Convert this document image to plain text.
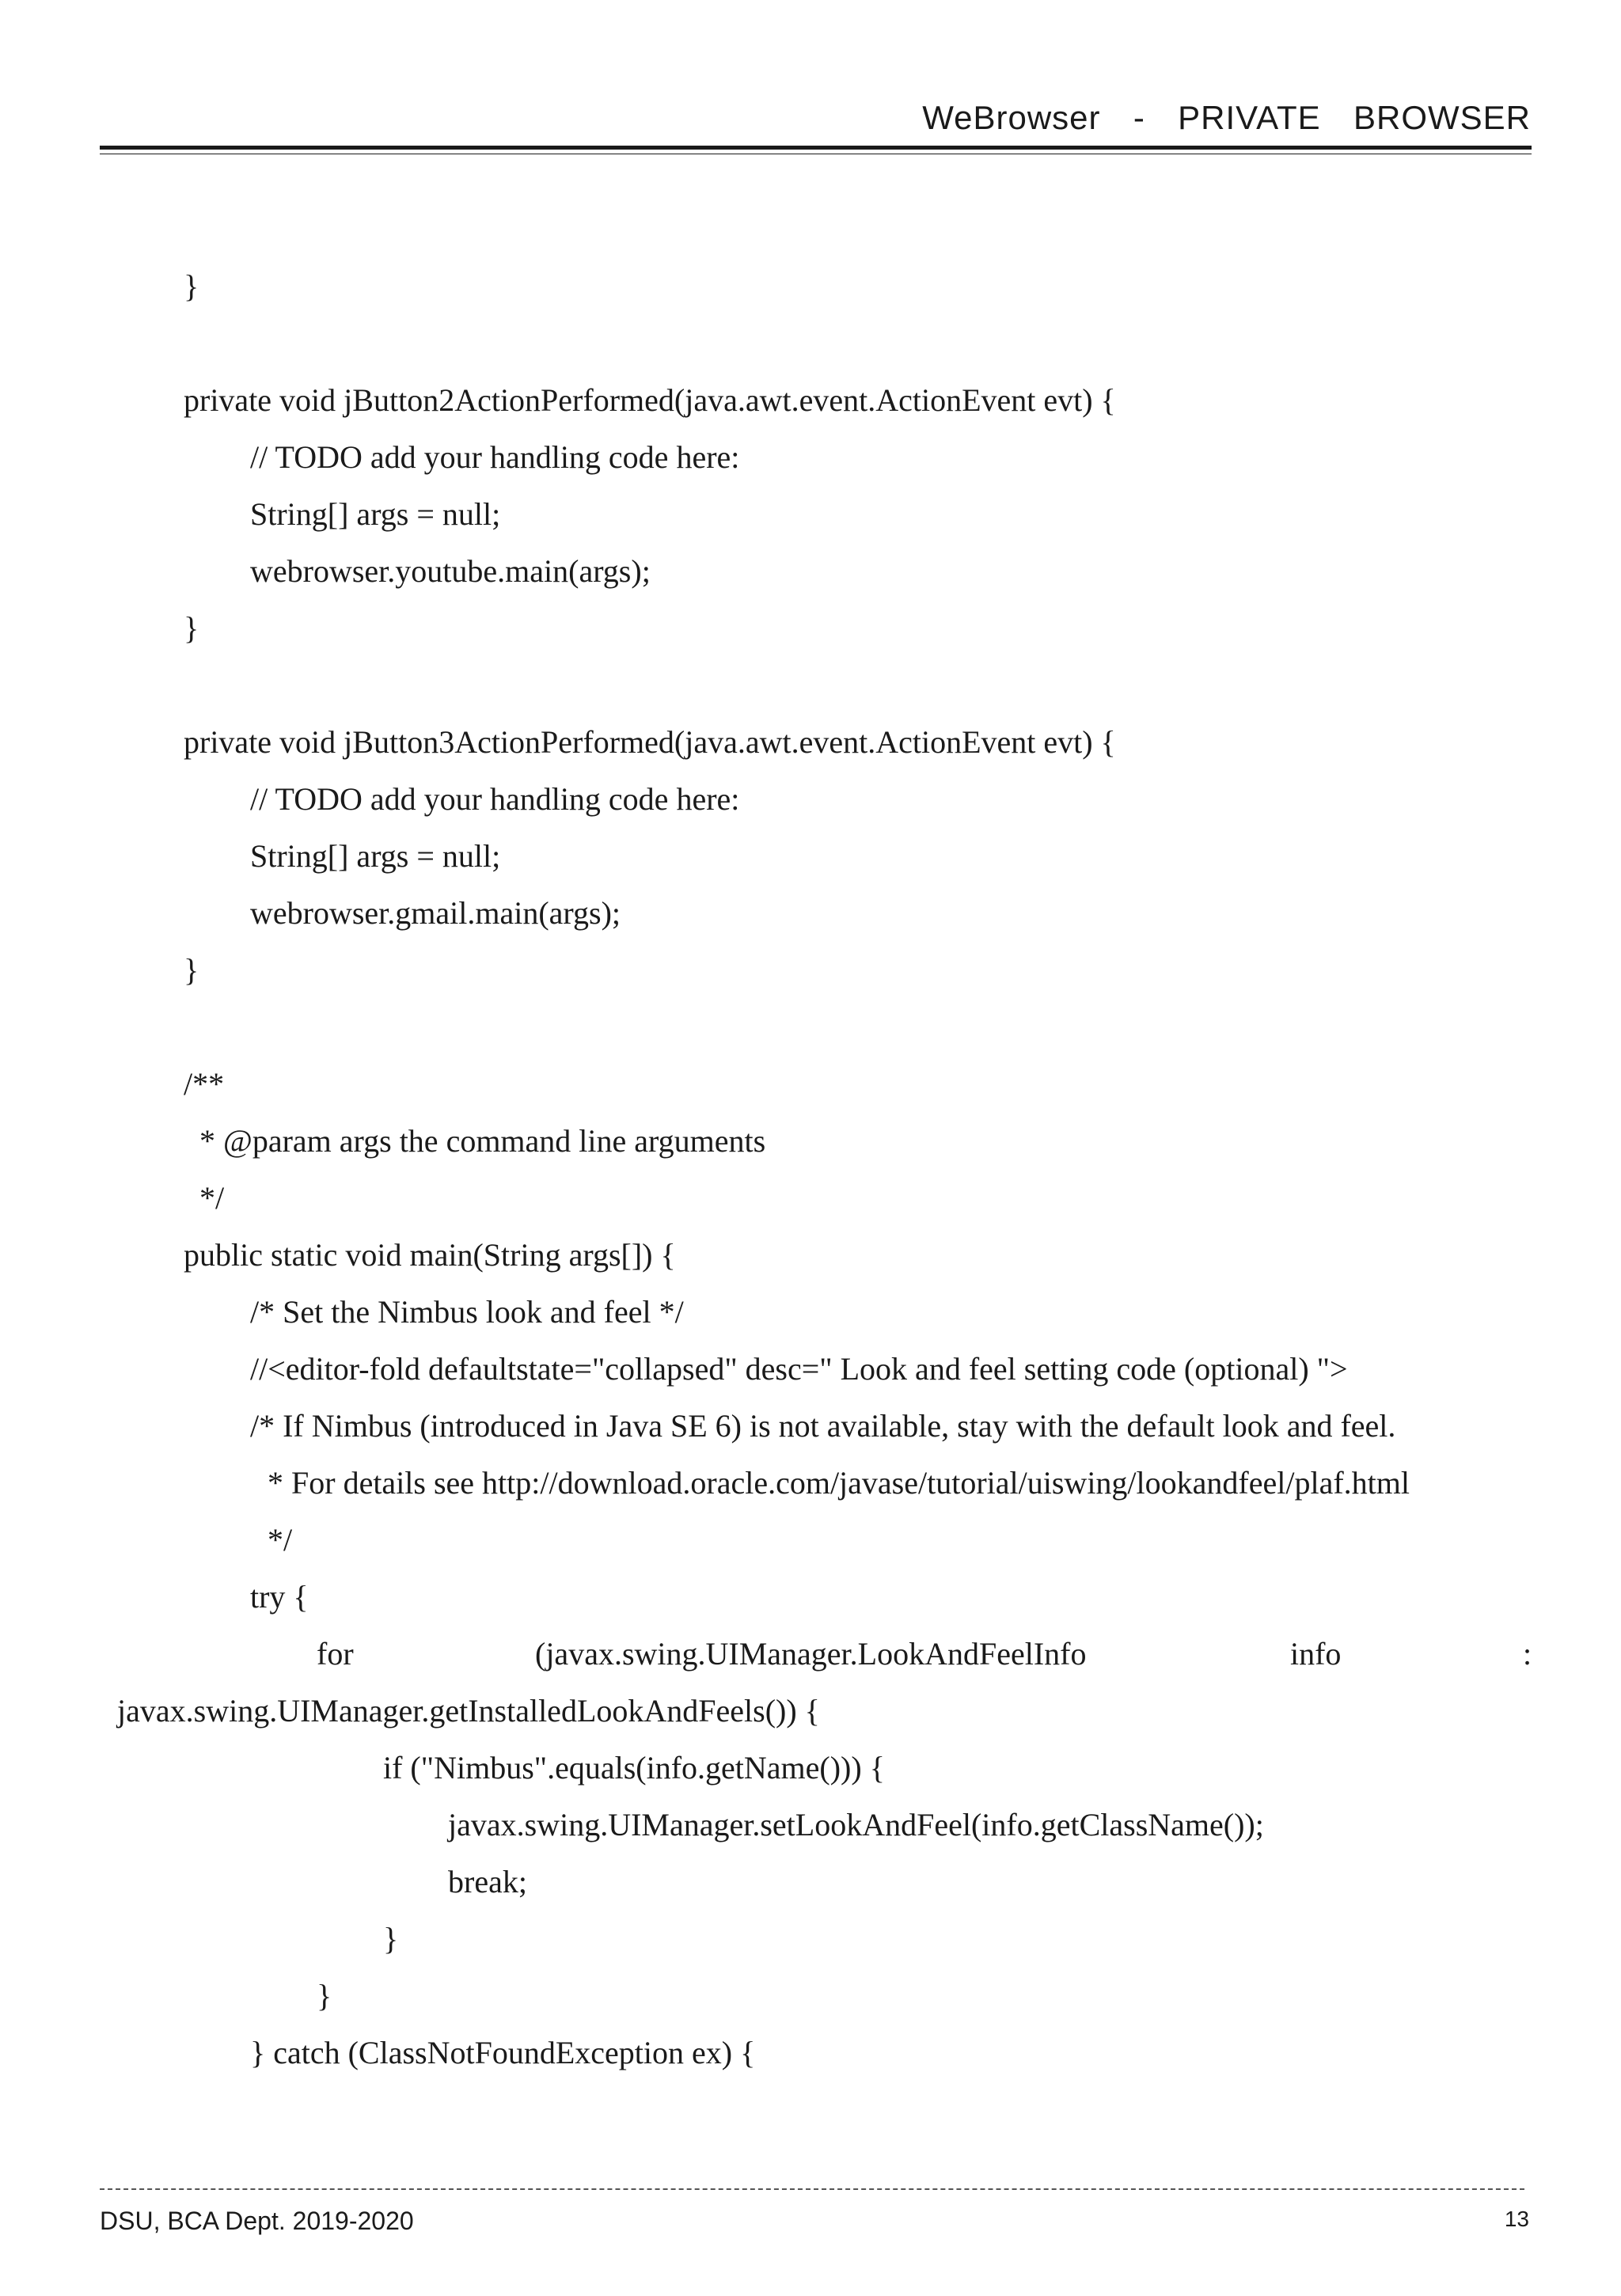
WeBrowser  -  PRIVATE  BROWSER
}
private void jButton2ActionPerformed(java.awt.event.ActionEvent evt) {
// TODO add your handling code here:
String[] args = null;
webrowser.youtube.main(args);
}
private void jButton3ActionPerformed(java.awt.event.ActionEvent evt) {
// TODO add your handling code here:
String[] args = null;
webrowser.gmail.main(args);
}
/**
* @param args the command line arguments
*/
public static void main(String args[]) {
/* Set the Nimbus look and feel */
//<editor-fold defaultstate="collapsed" desc=" Look and feel setting code (optional) ">
/* If Nimbus (introduced in Java SE 6) is not available, stay with the default look and feel.
* For details see http://download.oracle.com/javase/tutorial/uiswing/lookandfeel/plaf.html
*/
try {
for	(javax.swing.UIManager.LookAndFeelInfo	info	:
javax.swing.UIManager.getInstalledLookAndFeels()) {
if ("Nimbus".equals(info.getName())) {
javax.swing.UIManager.setLookAndFeel(info.getClassName());
break;
}
}
} catch (ClassNotFoundException ex) {
DSU, BCA Dept. 2019-2020	13
